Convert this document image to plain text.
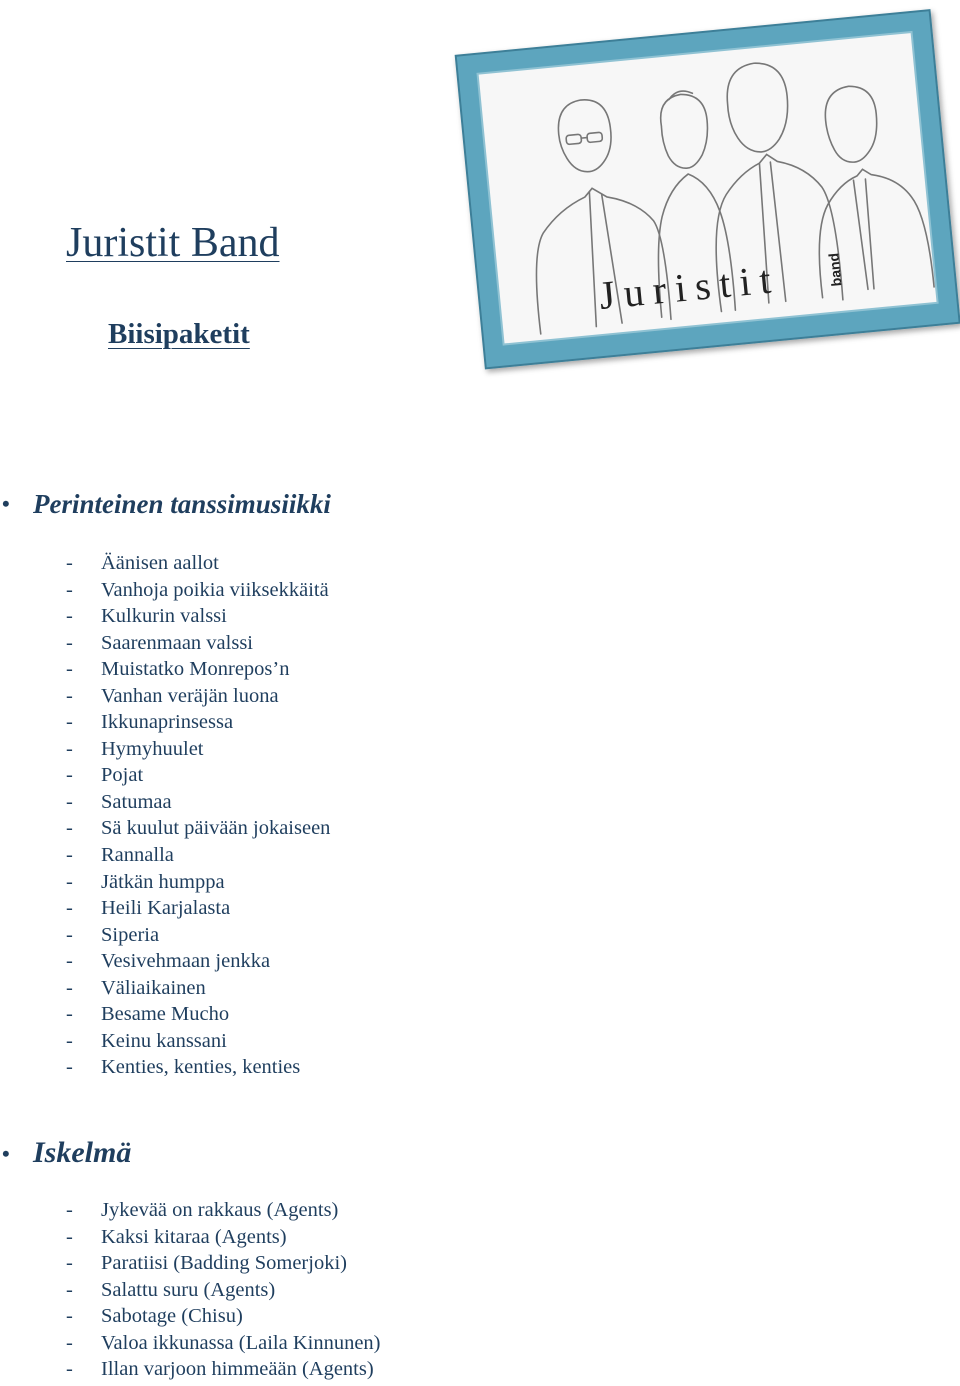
Juristit Band
Biisipaketit
Juristit	band
• Perinteinen tanssimusiikki
- Äänisen aallot
- Vanhoja poikia viiksekkäitä
- Kulkurin valssi
- Saarenmaan valssi
- Muistatko Monrepos’n
- Vanhan veräjän luona
- Ikkunaprinsessa
- Hymyhuulet
- Pojat
- Satumaa
- Sä kuulut päivään jokaiseen
- Rannalla
- Jätkän humppa
- Heili Karjalasta
- Siperia
- Vesivehmaan jenkka
- Väliaikainen
- Besame Mucho
- Keinu kanssani
- Kenties, kenties, kenties
• Iskelmä
- Jykevää on rakkaus (Agents)
- Kaksi kitaraa (Agents)
- Paratiisi (Badding Somerjoki)
- Salattu suru (Agents)
- Sabotage (Chisu)
- Valoa ikkunassa (Laila Kinnunen)
- Illan varjoon himmeään (Agents)
